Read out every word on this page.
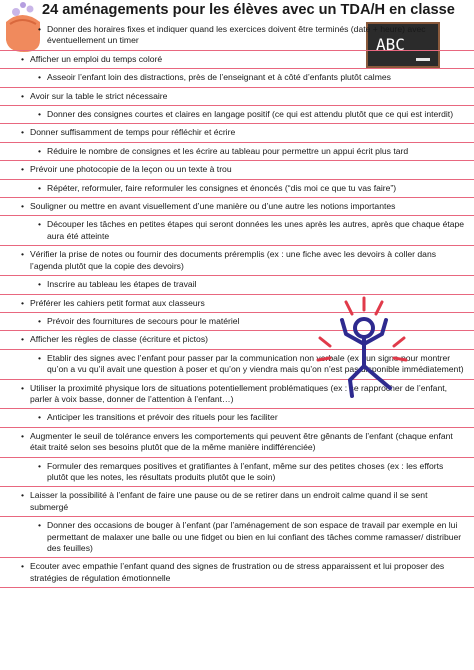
24 aménagements pour les élèves avec un TDA/H en classe
ABC
• Donner des horaires fixes et indiquer quand les exercices doivent être terminés (date + heure) avec éventuellement un timer
• Afficher un emploi du temps coloré
• Asseoir l’enfant loin des distractions, près de l’enseignant et à côté d’enfants plutôt calmes
• Avoir sur la table le strict nécessaire
• Donner des consignes courtes et claires en langage positif (ce qui est attendu plutôt que ce qui est interdit)
• Donner suffisamment de temps pour réfléchir et écrire
• Réduire le nombre de consignes et les écrire au tableau pour permettre un appui écrit plus tard
• Prévoir une photocopie de la leçon ou un texte à trou
• Répéter, reformuler, faire reformuler les consignes et énoncés (“dis moi ce que tu vas faire”)
• Souligner ou mettre en avant visuellement d’une manière ou d’une autre les notions importantes
• Découper les tâches en petites étapes qui seront données les unes après les autres, après que chaque étape aura été atteinte
• Vérifier la prise de notes ou fournir des documents préremplis (ex : une fiche avec les devoirs à coller dans l’agenda plutôt que la copie des devoirs)
• Inscrire au tableau les étapes de travail
• Préférer les cahiers petit format aux classeurs
• Prévoir des fournitures de secours pour le matériel
• Afficher les règles de classe (écriture et pictos)
• Etablir des signes avec l’enfant pour passer par la communication non verbale (ex : un signe pour montrer qu’on a vu qu’il avait une question à poser et qu’on y viendra mais qu’on n’est pas disponible immédiatement)
• Utiliser la proximité physique lors de situations potentiellement problématiques (ex : se rapprocher de l’enfant, parler à voix basse, donner de l’attention à l’enfant…)
• Anticiper les transitions et prévoir des rituels pour les faciliter
• Augmenter le seuil de tolérance envers les comportements qui peuvent être gênants de l’enfant (chaque enfant était traité selon ses besoins plutôt que de la même manière indifférenciée)
• Formuler des remarques positives et gratifiantes à l’enfant, même sur des petites choses (ex : les efforts plutôt que les notes, les résultats produits plutôt que le soin)
• Laisser la possibilité à l’enfant de faire une pause ou de se retirer dans un endroit calme quand il se sent submergé
• Donner des occasions de bouger à l’enfant (par l’aménagement de son espace de travail par exemple en lui permettant de malaxer une balle ou une fidget ou bien en lui confiant des tâches comme ramasser/ distribuer des feuilles)
• Ecouter avec empathie l’enfant quand des signes de frustration ou de stress apparaissent et lui proposer des stratégies de régulation émotionnelle
